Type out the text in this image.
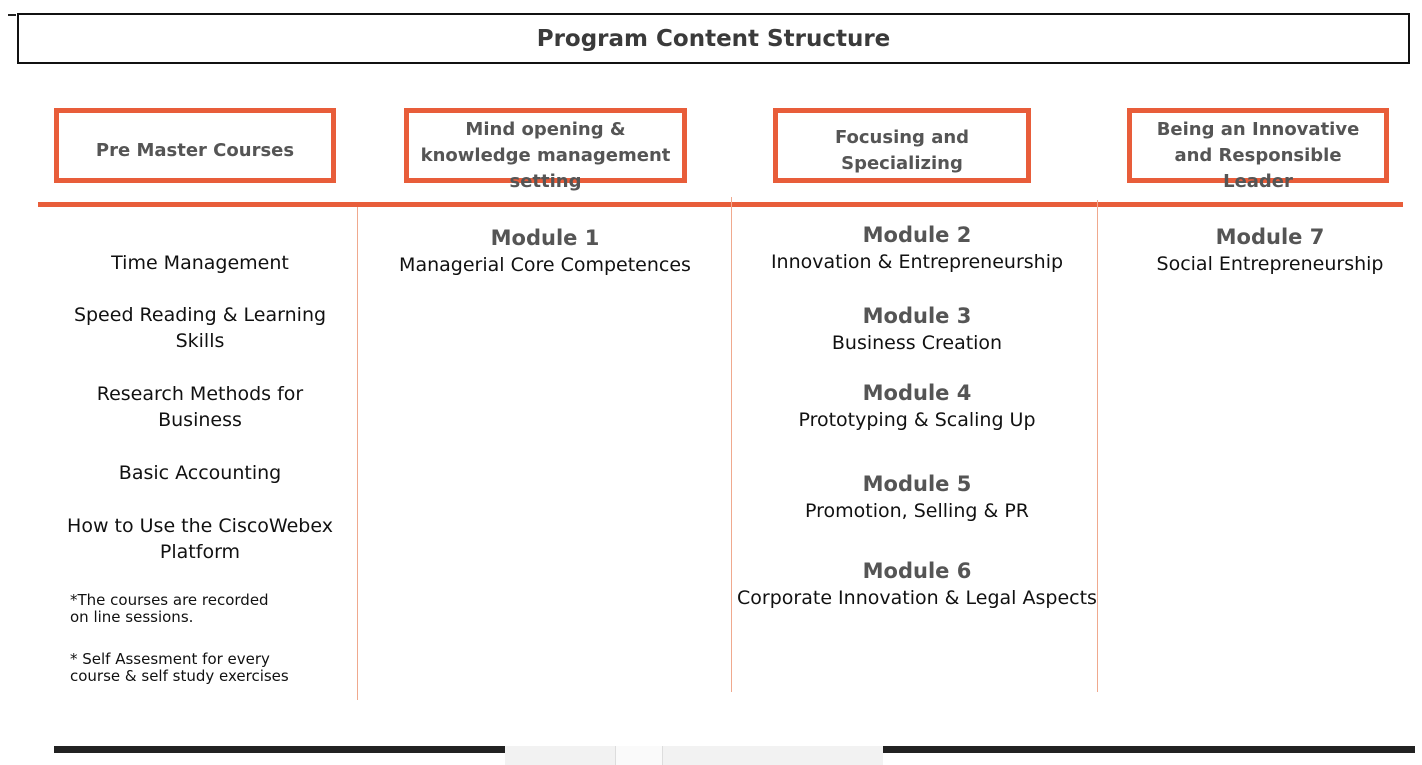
Program Content Structure
Pre Master Courses
Mind opening & knowledge management setting
Focusing and Specializing
Being an Innovative and Responsible Leader
Time Management
Speed Reading & Learning Skills
Research Methods for Business
Basic Accounting
How to Use the CiscoWebex Platform
*The courses are recorded on line sessions.
* Self Assesment for every course & self study exercises
Module 1
Managerial Core Competences
Module 2
Innovation & Entrepreneurship
Module 3
Business Creation
Module 4
Prototyping & Scaling Up
Module 5
Promotion, Selling & PR
Module 6
Corporate Innovation & Legal Aspects
Module 7
Social Entrepreneurship
